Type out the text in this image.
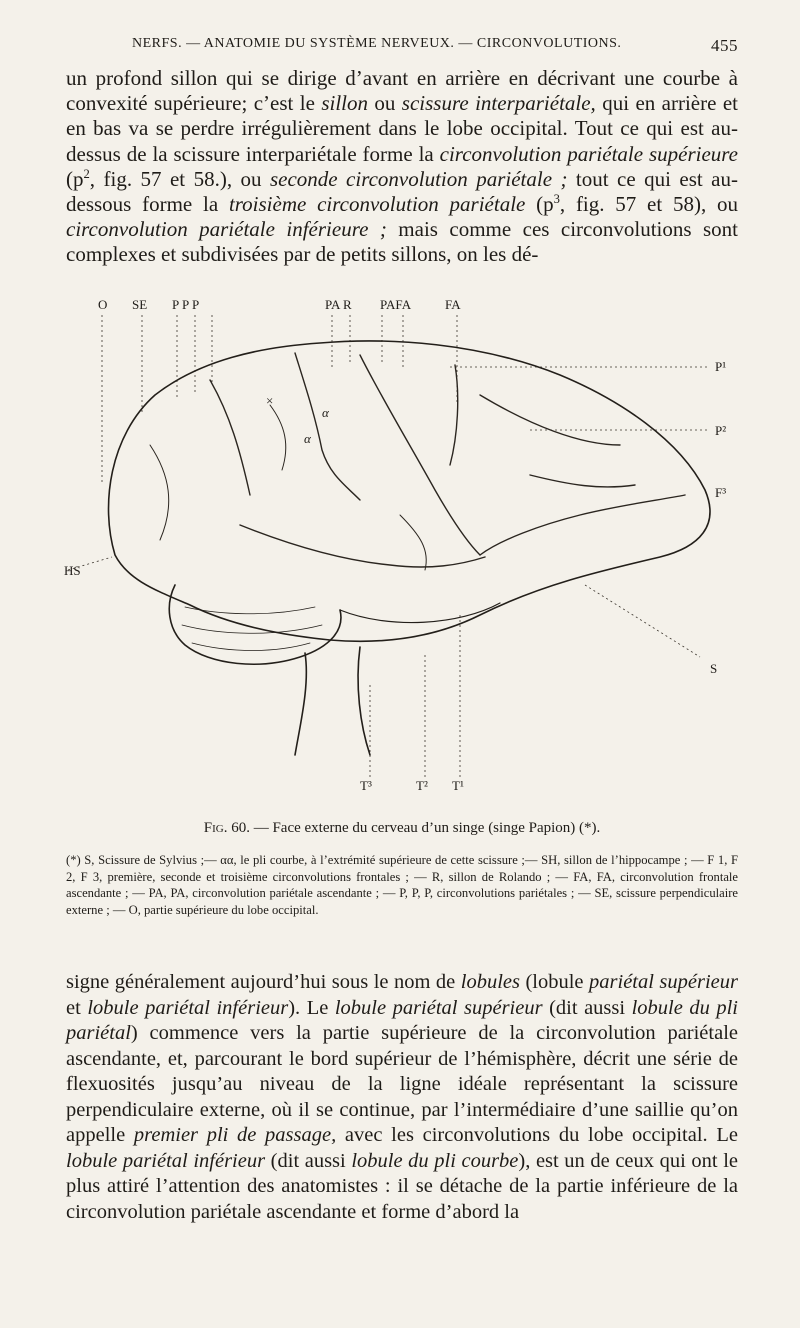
NERFS. — ANATOMIE DU SYSTÈME NERVEUX. — CIRCONVOLUTIONS.	455

un profond sillon qui se dirige d’avant en arrière en décrivant une courbe à convexité supérieure; c’est le sillon ou scissure interpariétale, qui en arrière et en bas va se perdre irrégulièrement dans le lobe occipital. Tout ce qui est au-dessus de la scissure interpariétale forme la circonvolution pariétale supérieure ($p^2$, fig. 57 et 58.), ou seconde circonvolution pariétale ; tout ce qui est au-dessous forme la troisième circonvolution pariétale ($p^3$, fig. 57 et 58), ou circonvolution pariétale inférieure ; mais comme ces circonvolutions sont complexes et subdivisées par de petits sillons, on les dé-

O SE P P P	PA R PAFA	FA
P¹
P²
F³
S
HS
T³	T² T¹
α
α
×
Fig. 60. — Face externe du cerveau d’un singe (singe Papion) (*).

(*) S, Scissure de Sylvius ;— αα, le pli courbe, à l’extrémité supérieure de cette scissure ;— SH, sillon de l’hippocampe ; — F 1, F 2, F 3, première, seconde et troisième circonvolutions frontales ; — R, sillon de Rolando ; — FA, FA, circonvolution frontale ascendante ; — PA, PA, circonvolution pariétale ascendante ; — P, P, P, circonvolutions pariétales ; — SE, scissure perpendiculaire externe ; — O, partie supérieure du lobe occipital.

signe généralement aujourd’hui sous le nom de lobules (lobule pariétal supérieur et lobule pariétal inférieur). Le lobule pariétal supérieur (dit aussi lobule du pli pariétal) commence vers la partie supérieure de la circonvolution pariétale ascendante, et, parcourant le bord supérieur de l’hémisphère, décrit une série de flexuosités jusqu’au niveau de la ligne idéale représentant la scissure perpendiculaire externe, où il se continue, par l’intermédiaire d’une saillie qu’on appelle premier pli de passage, avec les circonvolutions du lobe occipital. Le lobule pariétal inférieur (dit aussi lobule du pli courbe), est un de ceux qui ont le plus attiré l’attention des anatomistes : il se détache de la partie inférieure de la circonvolution pariétale ascendante et forme d’abord la
